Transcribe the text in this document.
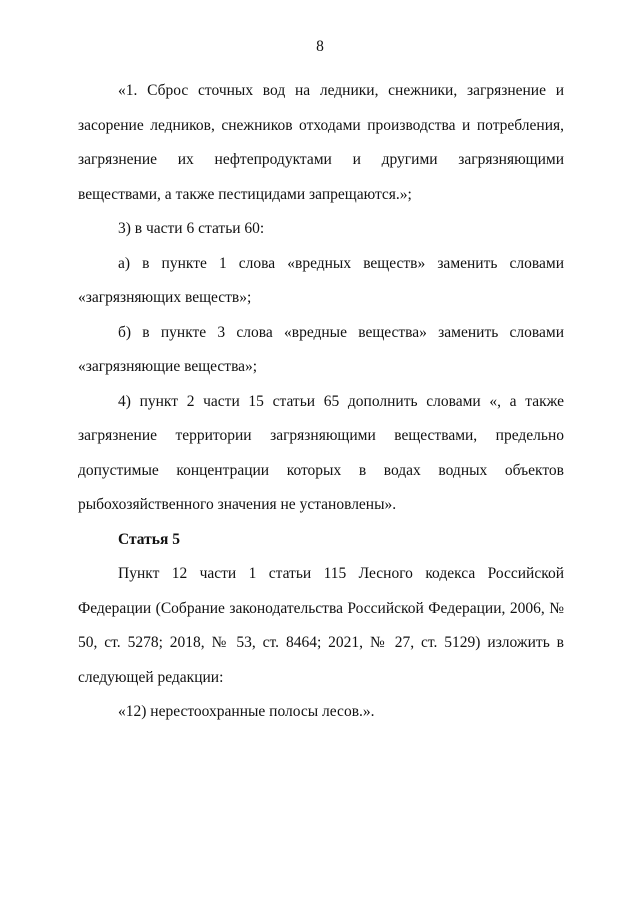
8

«1. Сброс сточных вод на ледники, снежники, загрязнение и засорение ледников, снежников отходами производства и потребления, загрязнение их нефтепродуктами и другими загрязняющими веществами, а также пестицидами запрещаются.»;

3) в части 6 статьи 60:

а) в пункте 1 слова «вредных веществ» заменить словами «загрязняющих веществ»;

б) в пункте 3 слова «вредные вещества» заменить словами «загрязняющие вещества»;

4) пункт 2 части 15 статьи 65 дополнить словами «, а также загрязнение территории загрязняющими веществами, предельно допустимые концентрации которых в водах водных объектов рыбохозяйственного значения не установлены».

Статья 5

Пункт 12 части 1 статьи 115 Лесного кодекса Российской Федерации (Собрание законодательства Российской Федерации, 2006, № 50, ст. 5278; 2018, № 53, ст. 8464; 2021, № 27, ст. 5129) изложить в следующей редакции:

«12) нерестоохранные полосы лесов.».
